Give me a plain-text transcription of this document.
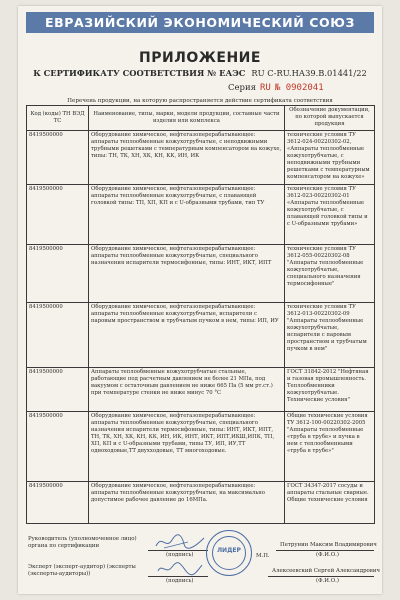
ЕВРАЗИЙСКИЙ ЭКОНОМИЧЕСКИЙ СОЮЗ
ПРИЛОЖЕНИЕ
К СЕРТИФИКАТУ СООТВЕТСТВИЯ № ЕАЭС RU С-RU.НА39.В.01441/22
Серия RU № 0902041
Перечень продукции, на которую распространяется действие сертификата соответствия
Код (коды) ТН ВЭД ТС	Наименование, типы, марки, модели продукции, составные части изделия или комплекса	Обозначение документации, по которой выпускается продукция
8419500000	Оборудование химическое, нефтегазоперерабатывающее: аппараты теплообменные кожухотрубчатые, с неподвижными трубными решетками с температурным компенсатором на кожухе, типы: ТН, ТК, ХН, ХК, КН, КК, ИН, ИК	технические условия ТУ 3612-024-00220302-02, «Аппараты теплообменные кожухотрубчатые, с неподвижными трубными решетками с температурным компенсатором на кожухе»
8419500000	Оборудование химическое, нефтегазоперерабатывающее: аппараты теплообменные кожухотрубчатые, с плавающей головкой типы: ТП, ХП, КП и с U-образными трубами, тип ТУ	технические условия ТУ 3612-023-00220302-01 «Аппараты теплообменные кожухотрубчатые, с плавающей головкой типы и с U-образными трубами»
8419500000	Оборудование химическое, нефтегазоперерабатывающее: аппараты теплообменные кожухотрубчатые, специального назначения испарители термосифонные, типы: ИНТ, ИКТ, ИПТ	технические условия ТУ 3612-055-00220302-08 "Аппараты теплообменные кожухотрубчатые, специального назначения термосифонные"
8419500000	Оборудование химическое, нефтегазоперерабатывающее: аппараты теплообменные кожухотрубчатые, испарители с паровым пространством и трубчатым пучком в нем, типы: ИП, ИУ	технические условия ТУ 3612-013-00220302-09 "Аппараты теплообменные кожухотрубчатые, испарители с паровым пространством и трубчатым пучком в нем"
8419500000	Аппараты теплообменные кожухотрубчатые стальные, работающие под расчетным давлением не более 21 МПа, под вакуумом с остаточным давлением не ниже 665 Па (5 мм рт.ст.) при температуре стенки не ниже минус 70 °С	ГОСТ 31842-2012 "Нефтяная и газовая промышленность. Теплообменники кожухотрубчатые. Технические условия"
8419500000	Оборудование химическое, нефтегазоперерабатывающее: аппараты теплообменные кожухотрубчатые, специального назначения испарители термосифонные, типы: ИНТ, ИКТ, ИПТ, ТН, ТК, ХН, ХК, КН, КК, ИН, ИК, ИНТ, ИКТ, ИПТ,ИКШ,ИПК, ТП, ХП, КП и с U-образными трубами, типы ТУ, ИП, ИУ,ТТ одноходовые,ТТ двухходовые, ТТ многоходовые.	Общие технические условия ТУ 3612-100-00220302-2005 "Аппараты теплообменные «труба в трубе» и пучка в нем с теплообменными «труба в трубе»"
8419500000	Оборудование химическое, нефтегазоперерабатывающее: аппараты теплообменные кожухотрубчатые, на максимально допустимое рабочее давление до 16МПа.	ГОСТ 34347-2017 сосуды и аппараты стальные сварные. Общие технические условия
Руководитель (уполномоченное лицо) органа по сертификации
(подпись)
Петрунин Максим Владимирович
(Ф.И.О.)
Эксперт (эксперт-аудитор) (эксперты (эксперты-аудиторы))
(подпись)
Алексеевский Сергей Александрович
(Ф.И.О.)
ЛИДЕР
М.П.
